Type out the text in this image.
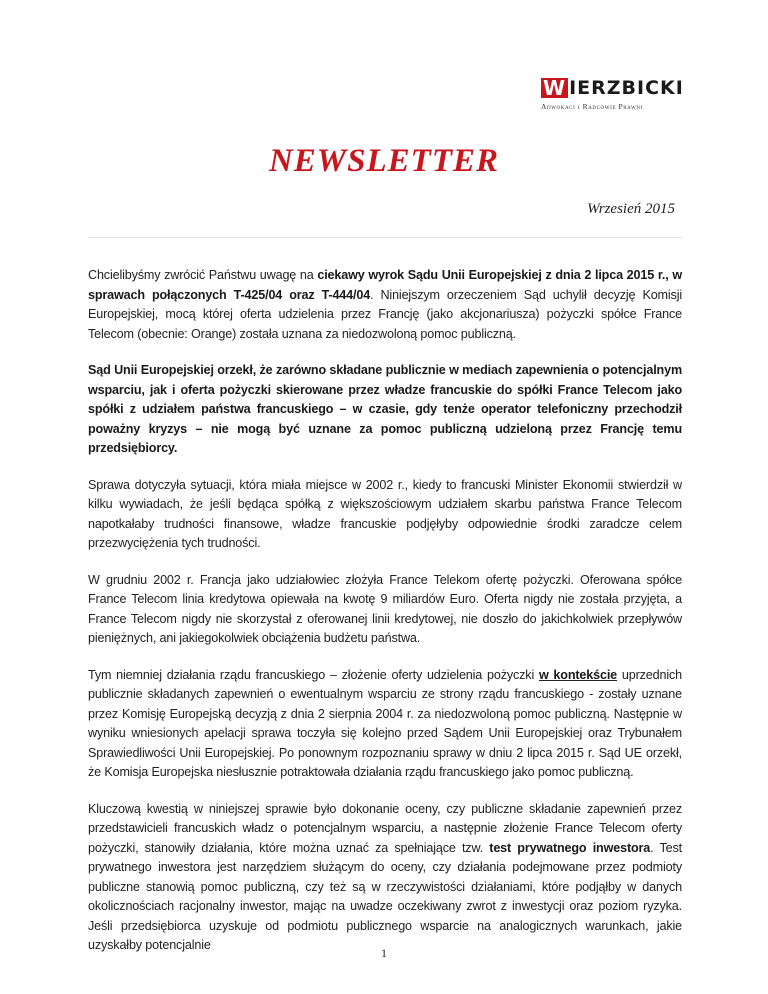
W IERZBICKI
Adwokaci i Radcowie Prawni
NEWSLETTER
Wrzesień 2015

Chcielibyśmy zwrócić Państwu uwagę na ciekawy wyrok Sądu Unii Europejskiej z dnia 2 lipca 2015 r., w sprawach połączonych T-425/04 oraz T-444/04. Niniejszym orzeczeniem Sąd uchylił decyzję Komisji Europejskiej, mocą której oferta udzielenia przez Francję (jako akcjonariusza) pożyczki spółce France Telecom (obecnie: Orange) została uznana za niedozwoloną pomoc publiczną.

Sąd Unii Europejskiej orzekł, że zarówno składane publicznie w mediach zapewnienia o potencjalnym wsparciu, jak i oferta pożyczki skierowane przez władze francuskie do spółki France Telecom jako spółki z udziałem państwa francuskiego – w czasie, gdy tenże operator telefoniczny przechodził poważny kryzys – nie mogą być uznane za pomoc publiczną udzieloną przez Francję temu przedsiębiorcy.

Sprawa dotyczyła sytuacji, która miała miejsce w 2002 r., kiedy to francuski Minister Ekonomii stwierdził w kilku wywiadach, że jeśli będąca spółką z większościowym udziałem skarbu państwa France Telecom napotkałaby trudności finansowe, władze francuskie podjęłyby odpowiednie środki zaradcze celem przezwyciężenia tych trudności.

W grudniu 2002 r. Francja jako udziałowiec złożyła France Telekom ofertę pożyczki. Oferowana spółce France Telecom linia kredytowa opiewała na kwotę 9 miliardów Euro. Oferta nigdy nie została przyjęta, a France Telecom nigdy nie skorzystał z oferowanej linii kredytowej, nie doszło do jakichkolwiek przepływów pieniężnych, ani jakiegokolwiek obciążenia budżetu państwa.

Tym niemniej działania rządu francuskiego – złożenie oferty udzielenia pożyczki w kontekście uprzednich publicznie składanych zapewnień o ewentualnym wsparciu ze strony rządu francuskiego - zostały uznane przez Komisję Europejską decyzją z dnia 2 sierpnia 2004 r. za niedozwoloną pomoc publiczną. Następnie w wyniku wniesionych apelacji sprawa toczyła się kolejno przed Sądem Unii Europejskiej oraz Trybunałem Sprawiedliwości Unii Europejskiej. Po ponownym rozpoznaniu sprawy w dniu 2 lipca 2015 r. Sąd UE orzekł, że Komisja Europejska niesłusznie potraktowała działania rządu francuskiego jako pomoc publiczną.

Kluczową kwestią w niniejszej sprawie było dokonanie oceny, czy publiczne składanie zapewnień przez przedstawicieli francuskich władz o potencjalnym wsparciu, a następnie złożenie France Telecom oferty pożyczki, stanowiły działania, które można uznać za spełniające tzw. test prywatnego inwestora. Test prywatnego inwestora jest narzędziem służącym do oceny, czy działania podejmowane przez podmioty publiczne stanowią pomoc publiczną, czy też są w rzeczywistości działaniami, które podjąłby w danych okolicznościach racjonalny inwestor, mając na uwadze oczekiwany zwrot z inwestycji oraz poziom ryzyka. Jeśli przedsiębiorca uzyskuje od podmiotu publicznego wsparcie na analogicznych warunkach, jakie uzyskałby potencjalnie

1
